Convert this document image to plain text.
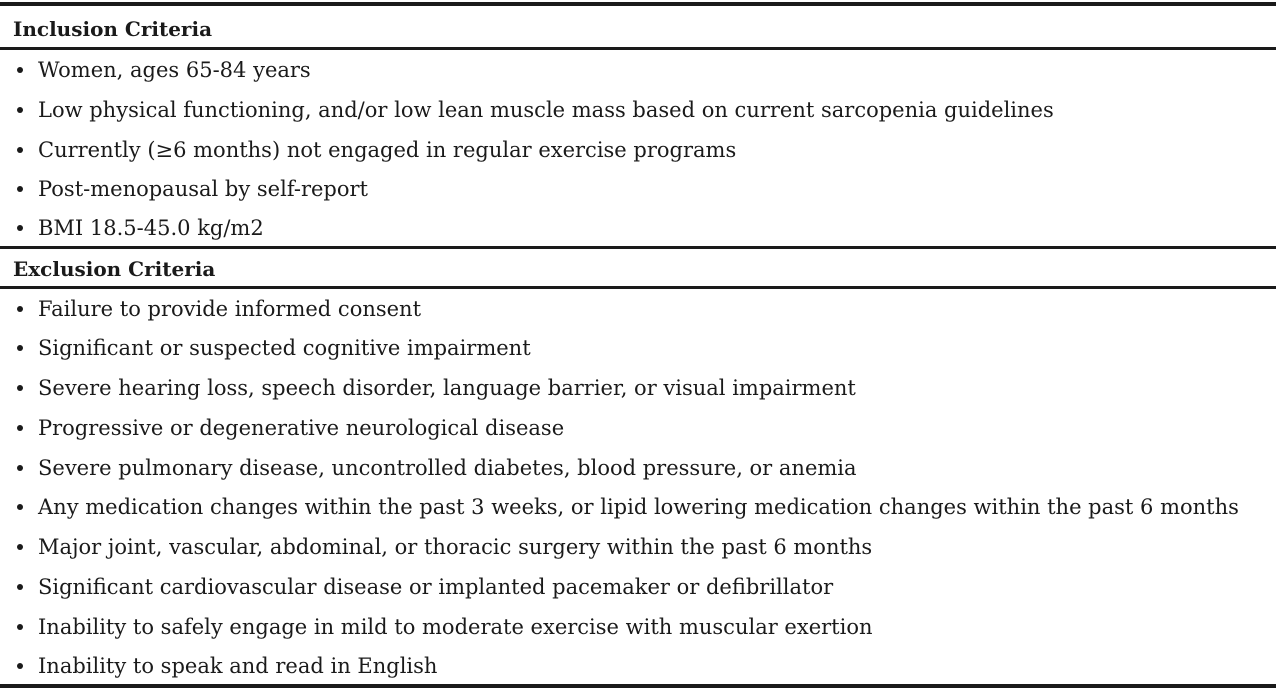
Inclusion Criteria
Women, ages 65-84 years
Low physical functioning, and/or low lean muscle mass based on current sarcopenia guidelines
Currently (≥6 months) not engaged in regular exercise programs
Post-menopausal by self-report
BMI 18.5-45.0 kg/m2
Exclusion Criteria
Failure to provide informed consent
Significant or suspected cognitive impairment
Severe hearing loss, speech disorder, language barrier, or visual impairment
Progressive or degenerative neurological disease
Severe pulmonary disease, uncontrolled diabetes, blood pressure, or anemia
Any medication changes within the past 3 weeks, or lipid lowering medication changes within the past 6 months
Major joint, vascular, abdominal, or thoracic surgery within the past 6 months
Significant cardiovascular disease or implanted pacemaker or defibrillator
Inability to safely engage in mild to moderate exercise with muscular exertion
Inability to speak and read in English
